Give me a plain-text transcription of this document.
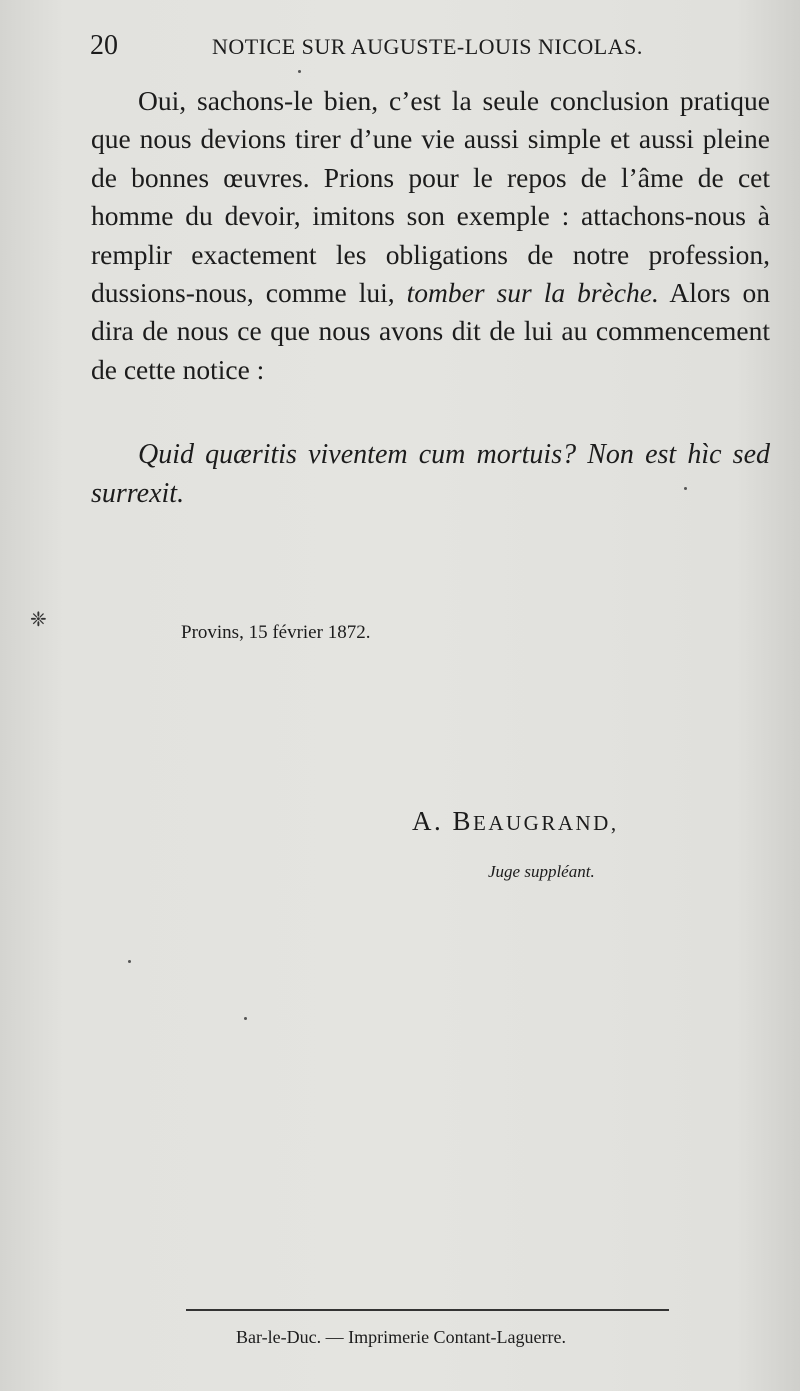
20	NOTICE SUR AUGUSTE-LOUIS NICOLAS.

Oui, sachons-le bien, c’est la seule conclusion pratique que nous devions tirer d’une vie aussi simple et aussi pleine de bonnes œuvres. Prions pour le repos de l’âme de cet homme du devoir, imitons son exemple : attachons-nous à remplir exactement les obligations de notre profession, dussions-nous, comme lui, tomber sur la brèche. Alors on dira de nous ce que nous avons dit de lui au commencement de cette notice :

Quid quæritis viventem cum mortuis? Non est hìc sed surrexit.

❈
Provins, 15 février 1872.
A. BEAUGRAND,
Juge suppléant.
Bar-le-Duc. — Imprimerie Contant-Laguerre.
